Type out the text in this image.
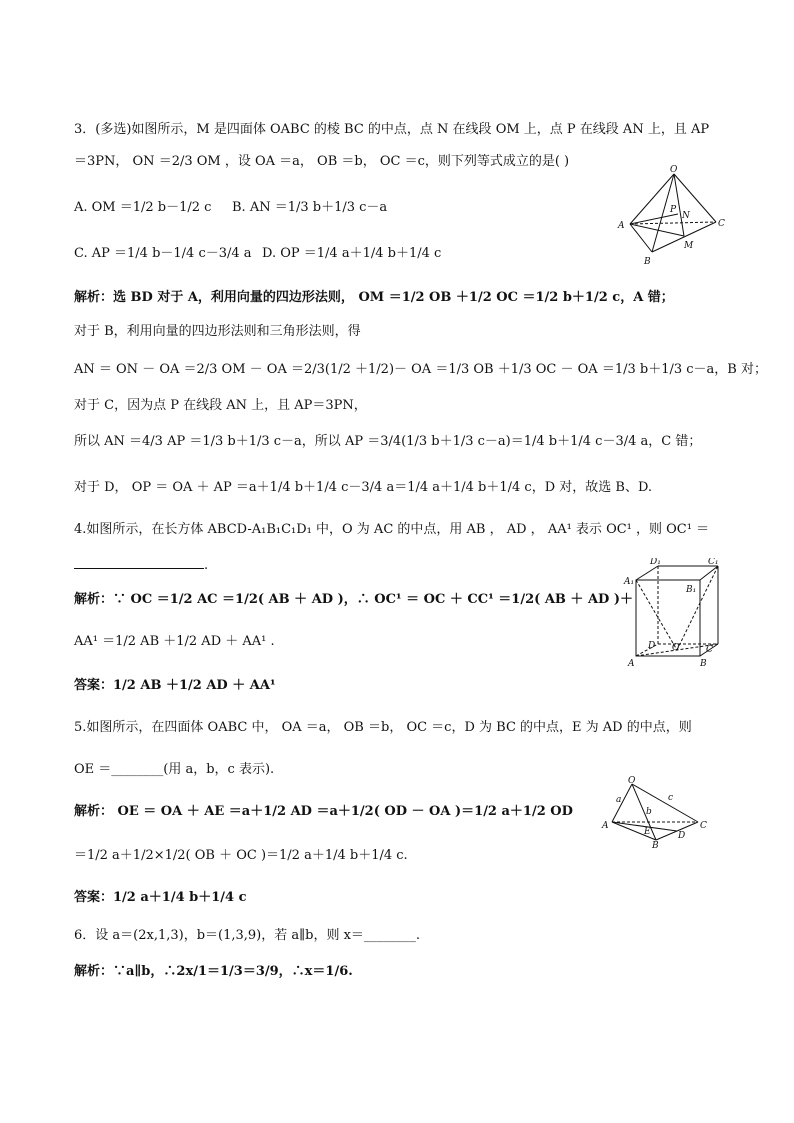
3．(多选)如图所示，M 是四面体 OABC 的棱 BC 的中点，点 N 在线段 OM 上，点 P 在线段 AN 上，且 AP
＝3PN， ON ＝2/3 OM ，设 OA ＝a， OB ＝b， OC ＝c，则下列等式成立的是( )
A. OM ＝1/2 b－1/2 c B. AN ＝1/3 b＋1/3 c－a
C. AP ＝1/4 b－1/4 c－3/4 a D. OP ＝1/4 a＋1/4 b＋1/4 c
O
A
B
C
M
N
P
解析：选 BD 对于 A，利用向量的四边形法则， OM ＝1/2 OB ＋1/2 OC ＝1/2 b＋1/2 c，A 错；
对于 B，利用向量的四边形法则和三角形法则，得
AN ＝ ON － OA ＝2/3 OM － OA ＝2/3(1/2 ＋1/2)－ OA ＝1/3 OB ＋1/3 OC － OA ＝1/3 b＋1/3 c－a，B 对；
对于 C，因为点 P 在线段 AN 上，且 AP＝3PN，
所以 AN ＝4/3 AP ＝1/3 b＋1/3 c－a，所以 AP ＝3/4(1/3 b＋1/3 c－a)＝1/4 b＋1/4 c－3/4 a，C 错；
对于 D， OP ＝ OA ＋ AP ＝a＋1/4 b＋1/4 c－3/4 a＝1/4 a＋1/4 b＋1/4 c，D 对，故选 B、D.
4.如图所示，在长方体 ABCD-A₁B₁C₁D₁ 中，O 为 AC 的中点，用 AB ， AD ， AA¹ 表示 OC¹ ，则 OC¹ ＝
.	D₁	C₁
A₁
B₁
D	C
A	B
O
解析：∵ OC ＝1/2 AC ＝1/2( AB ＋ AD )，∴ OC¹ ＝ OC ＋ CC¹ ＝1/2( AB ＋ AD )＋
AA¹ ＝1/2 AB ＋1/2 AD ＋ AA¹ .
答案：1/2 AB ＋1/2 AD ＋ AA¹
5.如图所示，在四面体 OABC 中， OA ＝a， OB ＝b， OC ＝c，D 为 BC 的中点，E 为 AD 的中点，则
OE ＝________(用 a，b，c 表示).
O
a
b
c
A
E	D
C
B
解析： OE ＝ OA ＋ AE ＝a＋1/2 AD ＝a＋1/2( OD － OA )＝1/2 a＋1/2 OD
＝1/2 a＋1/2×1/2( OB ＋ OC )＝1/2 a＋1/4 b＋1/4 c.
答案：1/2 a＋1/4 b＋1/4 c
6．设 a＝(2x,1,3)，b＝(1,3,9)，若 a∥b，则 x＝________.
解析：∵a∥b，∴2x/1＝1/3＝3/9，∴x＝1/6.
